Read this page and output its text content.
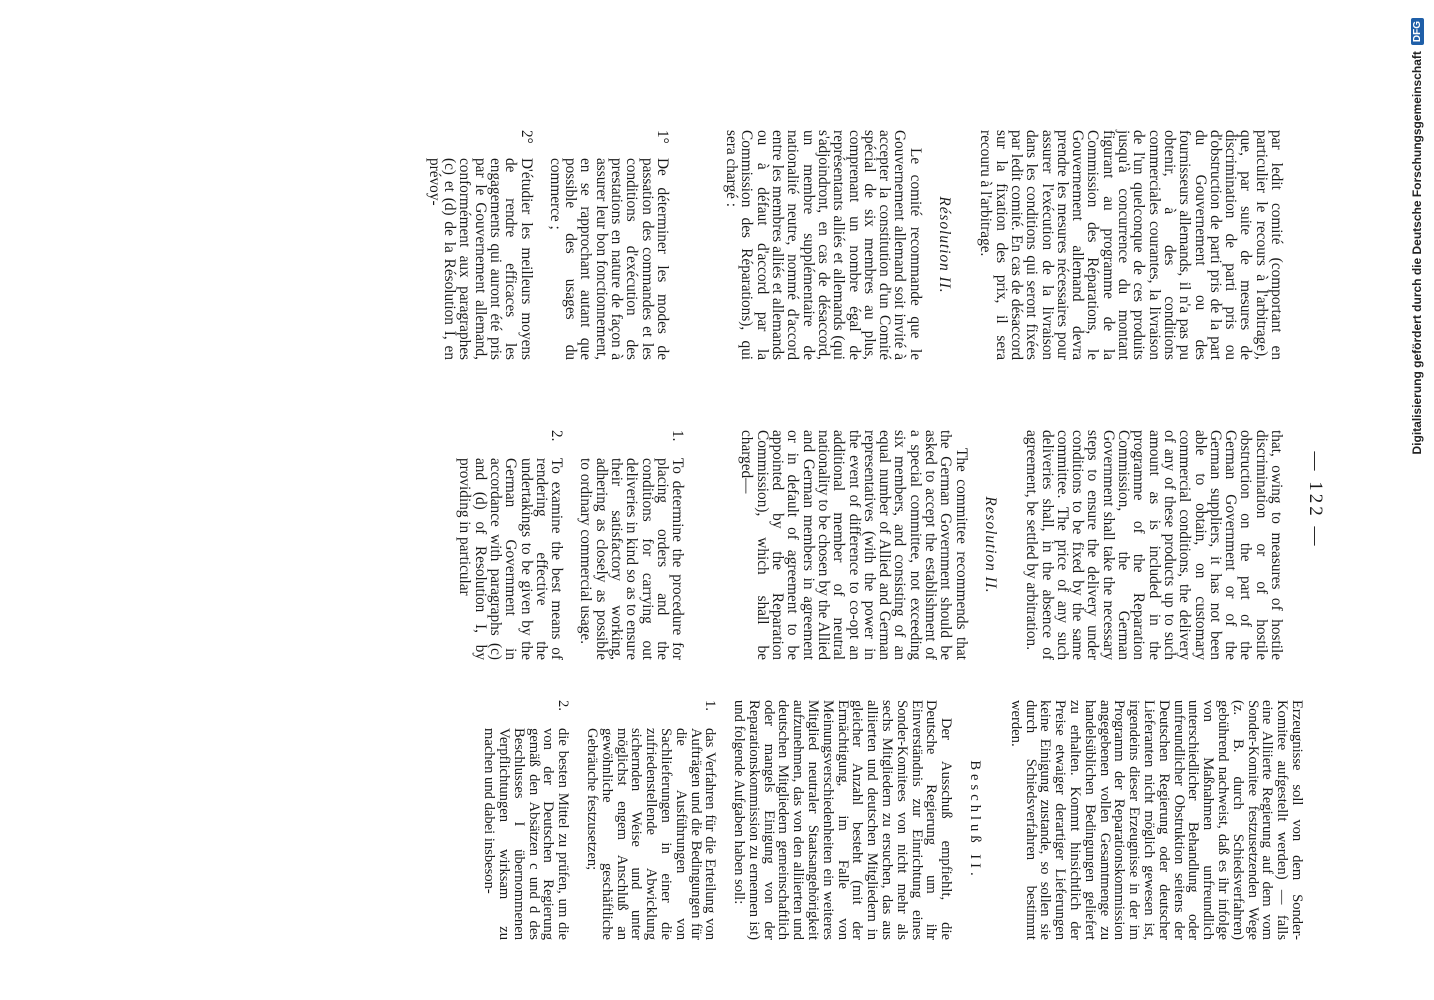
Digitalisierung gefördert durch die Deutsche Forschungsgemeinschaft
DFG
— 122 —

par ledit comité (comportant en particulier le recours à l'arbitrage), que, par suite de mesures de discrimination de parti pris ou d'obstruction de parti pris de la part du Gouvernement ou des fournisseurs allemands, il n'a pas pu obtenir, à des conditions commerciales courantes, la livraison de l'un quelconque de ces produits jusqu'à concurrence du montant figurant au programme de la Commission des Réparations, le Gouvernement allemand devra prendre les mesures nécessaires pour assurer l'exécution de la livraison dans les conditions qui seront fixées par ledit comité. En cas de désaccord sur la fixation des prix, il sera recouru à l'arbitrage.

Résolution II.

Le comité recommande que le Gouvernement allemand soit invité à accepter la constitution d'un Comité spécial de six membres au plus, comprenant un nombre égal de représentants alliés et allemands (qui s'adjoindront, en cas de désaccord, un membre supplémentaire de nationalité neutre, nommé d'accord entre les membres alliés et allemands ou à défaut d'accord par la Commission des Réparations), qui sera chargé :

1°
De déterminer les modes de passation des commandes et les conditions d'exécution des prestations en nature de façon à assurer leur bon fonctionnement, en se rapprochant autant que possible des usages du commerce ;
2°
D'étudier les meilleurs moyens de rendre efficaces les engagements qui auront été pris par le Gouvernement allemand, conformément aux paragraphes (c) et (d) de la Résolution I, en prévoy-

that, owing to measures of hostile discrimination or of hostile obstruction on the part of the German Government or of the German suppliers, it has not been able to obtain, on customary commercial conditions, the delivery of any of these products up to such amount as is included in the programme of the Reparation Commission, the German Government shall take the necessary steps to ensure the delivery under conditions to be fixed by the same committee. The price of any such deliveries shall, in the absence of agreement, be settled by arbitration.

Resolution II.

The committee recommends that the German Government should be asked to accept the establishment of a special committee, not exceeding six members, and consisting of an equal number of Allied and German representatives (with the power in the event of difference to co-opt an additional member of neutral nationality to be chosen by the Allied and German members in agreement or in default of agreement to be appointed by the Reparation Commission), which shall be charged—

1.
To determine the procedure for placing orders and the conditions for carrying out deliveries in kind so as to ensure their satisfactory working, adhering as closely as possible to ordinary commercial usage.
2.
To examine the best means of rendering effective the undertakings to be given by the German Government in accordance with paragraphs (c) and (d) of Resolution I, by providing in particular

Erzeugnisse soll von dem Sonder-Komitee aufgestellt werden) — falls eine Alliierte Regierung auf dem vom Sonder-Komitee festzusetzenden Wege (z. B. durch Schiedsverfahren) gebührend nachweist, daß es ihr infolge von Maßnahmen unfreundlich unterschiedlicher Behandlung oder unfreundlicher Obstruktion seitens der Deutschen Regierung oder deutscher Lieferanten nicht möglich gewesen ist, irgendeins dieser Erzeugnisse in der im Programm der Reparationskommission angegebenen vollen Gesamtmenge zu handelsüblichen Bedingungen geliefert zu erhalten. Kommt hinsichtlich der Preise etwaiger derartiger Lieferungen keine Einigung zustande, so sollen sie durch Schiedsverfahren bestimmt werden.

Beschluß II.

Der Ausschuß empfiehlt, die Deutsche Regierung um ihr Einverständnis zur Einrichtung eines Sonder-Komitees von nicht mehr als sechs Mitgliedern zu ersuchen, das aus alliierten und deutschen Mitgliedern in gleicher Anzahl besteht (mit der Ermächtigung, im Falle von Meinungsverschiedenheiten ein weiteres Mitglied neutraler Staatsangehörigkeit aufzunehmen, das von den alliierten und deutschen Mitgliedern gemeinschaftlich oder mangels Einigung von der Reparationskommission zu ernennen ist) und folgende Aufgaben haben soll:

1.
das Verfahren für die Erteilung von Aufträgen und die Bedingungen für die Ausführungen von Sachlieferungen in einer die zufriedenstellende Abwicklung sichernden Weise und unter möglichst engem Anschluß an gewöhnliche geschäftliche Gebräuche festzusetzen;
2.
die besten Mittel zu prüfen, um die von der Deutschen Regierung gemäß den Absätzen c und d des Beschlusses I übernommenen Verpflichtungen wirksam zu machen und dabei insbeson-
